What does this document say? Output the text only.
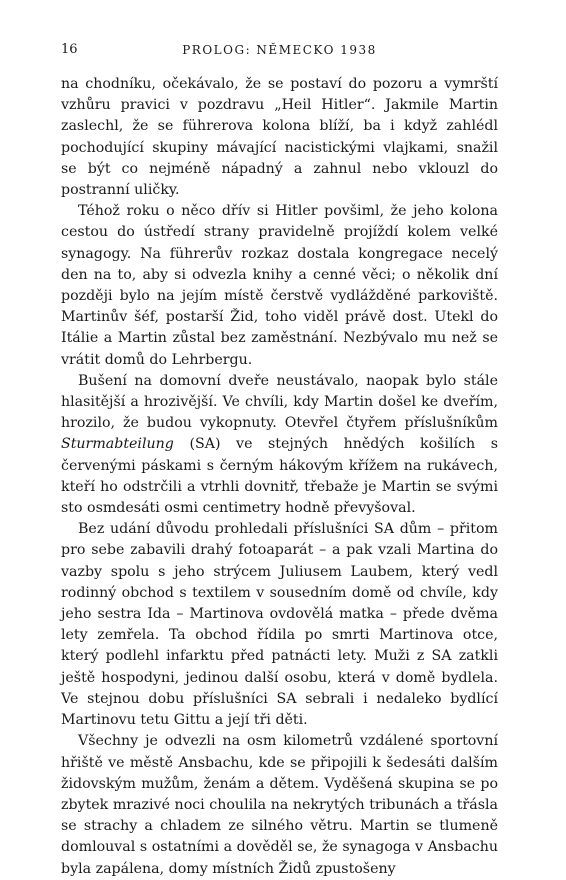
16	PROLOG: NĚMECKO 1938

na chodníku, očekávalo, že se postaví do pozoru a vymrští vzhůru pravici v pozdravu „Heil Hitler“. Jakmile Martin zaslechl, že se führerova kolona blíží, ba i když zahlédl pochodující skupiny mávající nacistickými vlajkami, snažil se být co nejméně nápadný a zahnul nebo vklouzl do postranní uličky.

Téhož roku o něco dřív si Hitler povšiml, že jeho kolona cestou do ústředí strany pravidelně projíždí kolem velké synagogy. Na führerův rozkaz dostala kongregace necelý den na to, aby si odvezla knihy a cenné věci; o několik dní později bylo na jejím místě čerstvě vydlážděné parkoviště. Martinův šéf, postarší Žid, toho viděl právě dost. Utekl do Itálie a Martin zůstal bez zaměstnání. Nezbývalo mu než se vrátit domů do Lehrbergu.

Bušení na domovní dveře neustávalo, naopak bylo stále hlasitější a hrozivější. Ve chvíli, kdy Martin došel ke dveřím, hrozilo, že budou vykopnuty. Otevřel čtyřem příslušníkům Sturmabteilung (SA) ve stejných hnědých košilích s červenými páskami s černým hákovým křížem na rukávech, kteří ho odstrčili a vtrhli dovnitř, třebaže je Martin se svými sto osmdesáti osmi centimetry hodně převyšoval.

Bez udání důvodu prohledali příslušníci SA dům – přitom pro sebe zabavili drahý fotoaparát – a pak vzali Martina do vazby spolu s jeho strýcem Juliusem Laubem, který vedl rodinný obchod s textilem v sousedním domě od chvíle, kdy jeho sestra Ida – Martinova ovdovělá matka – přede dvěma lety zemřela. Ta obchod řídila po smrti Martinova otce, který podlehl infarktu před patnácti lety. Muži z SA zatkli ještě hospodyni, jedinou další osobu, která v domě bydlela. Ve stejnou dobu příslušníci SA sebrali i nedaleko bydlící Martinovu tetu Gittu a její tři děti.

Všechny je odvezli na osm kilometrů vzdálené sportovní hřiště ve městě Ansbachu, kde se připojili k šedesáti dalším židovským mužům, ženám a dětem. Vyděšená skupina se po zbytek mrazivé noci choulila na nekrytých tribunách a třásla se strachy a chladem ze silného větru. Martin se tlumeně domlouval s ostatními a dověděl se, že synagoga v Ansbachu byla zapálena, domy místních Židů zpustošeny
